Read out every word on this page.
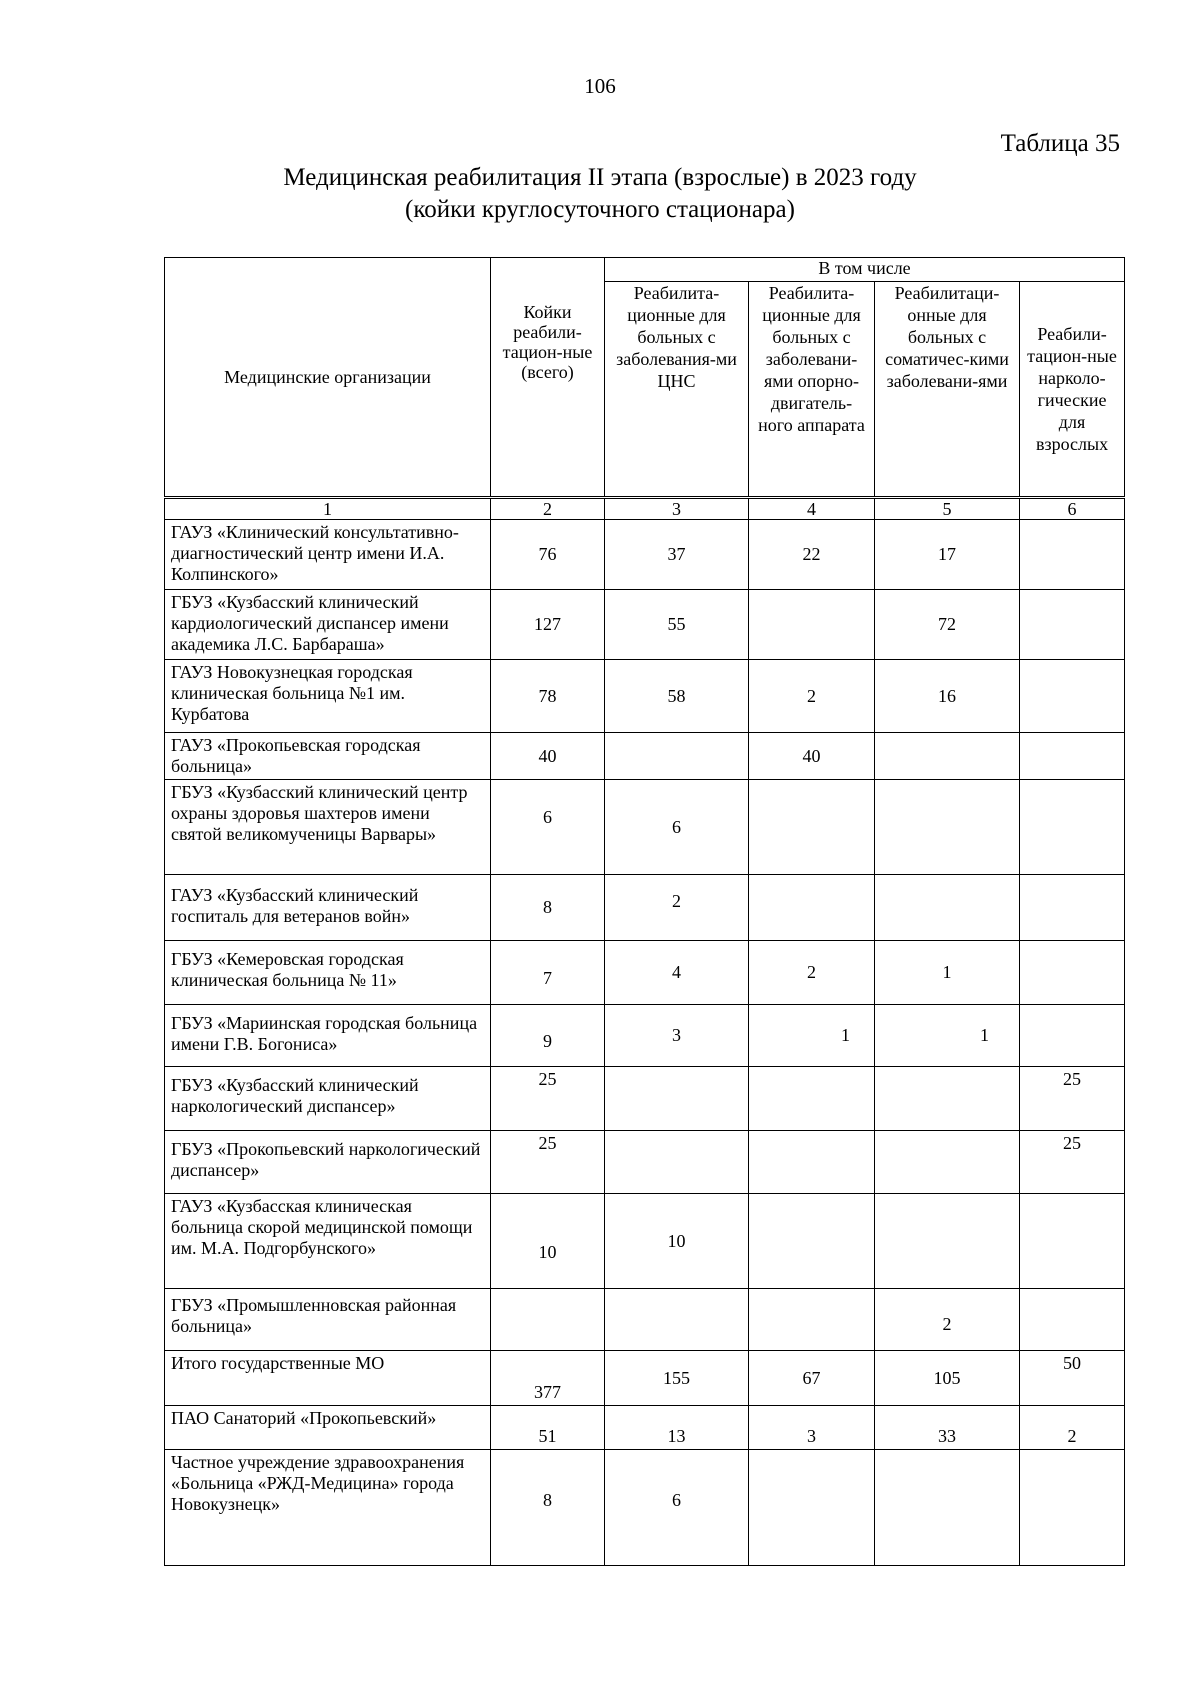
106
Таблица 35
Медицинская реабилитация II этапа (взрослые) в 2023 году
(койки круглосуточного стационара)
Медицинские организации	Койки реабили-тацион-ные (всего)	В том числе			
		Реабилита-ционные для больных с заболевания-ми ЦНС	Реабилита-ционные для больных с заболевани-ями опорно-двигатель-ного аппарата	Реабилитаци-онные для больных с соматичес-кими заболевани-ями	Реабили-тацион-ные нарколо-гические для взрослых
1	2	3	4	5	6
ГАУЗ «Клинический консультативно-диагностический центр имени И.А. Колпинского»	76	37	22	17	
ГБУЗ «Кузбасский клинический кардиологический диспансер имени академика Л.С. Барбараша»	127	55		72	
ГАУЗ Новокузнецкая городская клиническая больница №1 им. Курбатова	78	58	2	16	
ГАУЗ «Прокопьевская городская больница»	40		40		
ГБУЗ «Кузбасский клинический центр охраны здоровья шахтеров имени святой великомученицы Варвары»	6	6			
ГАУЗ «Кузбасский клинический госпиталь для ветеранов войн»	8	2			
ГБУЗ «Кемеровская городская клиническая больница № 11»	7	4	2	1	
ГБУЗ «Мариинская городская больница имени Г.В. Богониса»	9	3	1	1	
ГБУЗ «Кузбасский клинический наркологический диспансер»	25				25
ГБУЗ «Прокопьевский наркологический диспансер»	25				25
ГАУЗ «Кузбасская клиническая больница скорой медицинской помощи им. М.А. Подгорбунского»	10	10			
ГБУЗ «Промышленновская районная больница»				2	
Итого государственные МО	377	155	67	105	50
ПАО Санаторий «Прокопьевский»	51	13	3	33	2
Частное учреждение здравоохранения «Больница «РЖД-Медицина» города Новокузнецк»	8	6			
